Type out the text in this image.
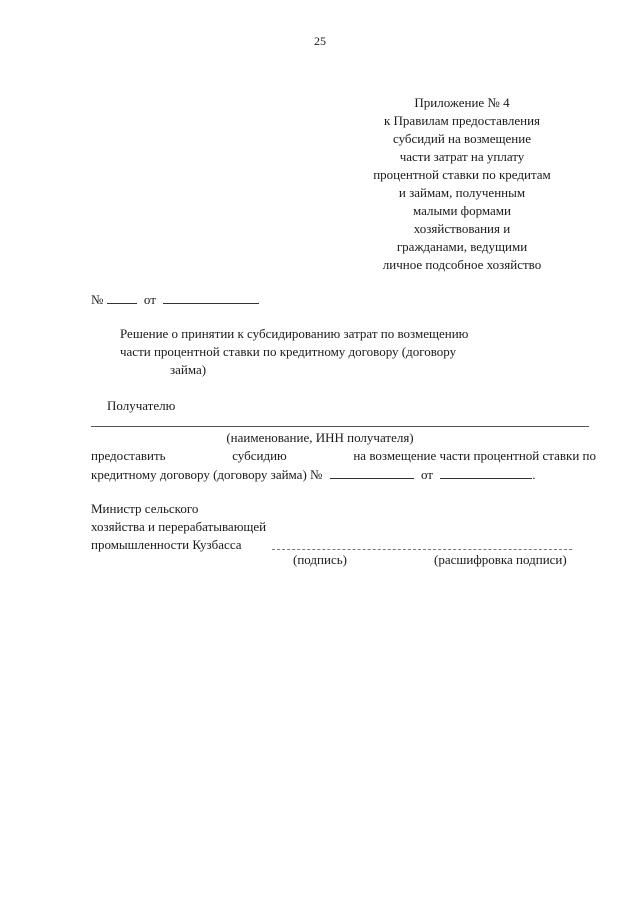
25
Приложение № 4
к Правилам предоставления
субсидий на возмещение
части затрат на уплату
процентной ставки по кредитам
и займам, полученным
малыми формами
хозяйствования и
гражданами, ведущими
личное подсобное хозяйство
№	от
Решение о принятии к субсидированию затрат по возмещению
части процентной ставки по кредитному договору (договору
займа)
Получателю
(наименование, ИНН получателя)
предоставить	субсидию	на возмещение части процентной ставки по
кредитному договору (договору займа) №	от	.
Министр сельского
хозяйства и перерабатывающей
промышленности Кузбасса
(подпись)	(расшифровка подписи)
